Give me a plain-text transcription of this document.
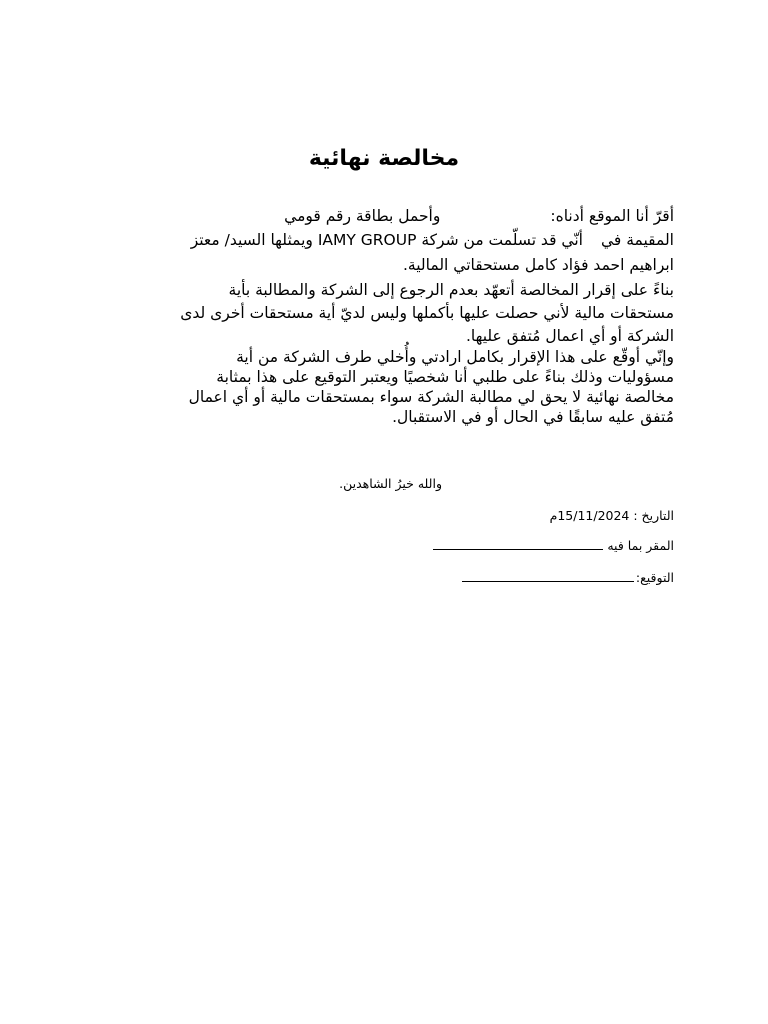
مخالصة نهائية
أقرّ أنا الموقع أدناه:وأحمل بطاقة رقم قومي
المقيمة فيأنّي قد تسلّمت من شركة IAMY GROUP ويمثلها السيد/ معتز
ابراهيم احمد فؤاد كامل مستحقاتي المالية.
بناءً على إقرار المخالصة أتعهّد بعدم الرجوع إلى الشركة والمطالبة بأية
مستحقات مالية لأني حصلت عليها بأكملها وليس لديّ أية مستحقات أخرى لدى
الشركة أو أي اعمال مُتفق عليها.
وإنّي أوقّع على هذا الإقرار بكامل ارادتي وأُخلي طرف الشركة من أية
مسؤوليات وذلك بناءً على طلبي أنا شخصيًا ويعتبر التوقيع على هذا بمثابة
مخالصة نهائية لا يحق لي مطالبة الشركة سواء بمستحقات مالية أو أي اعمال
مُتفق عليه سابقًا في الحال أو في الاستقبال.
والله خيرُ الشاهدين.
التاريخ : 15/11/2024م
المقر بما فيه
التوقيع:
